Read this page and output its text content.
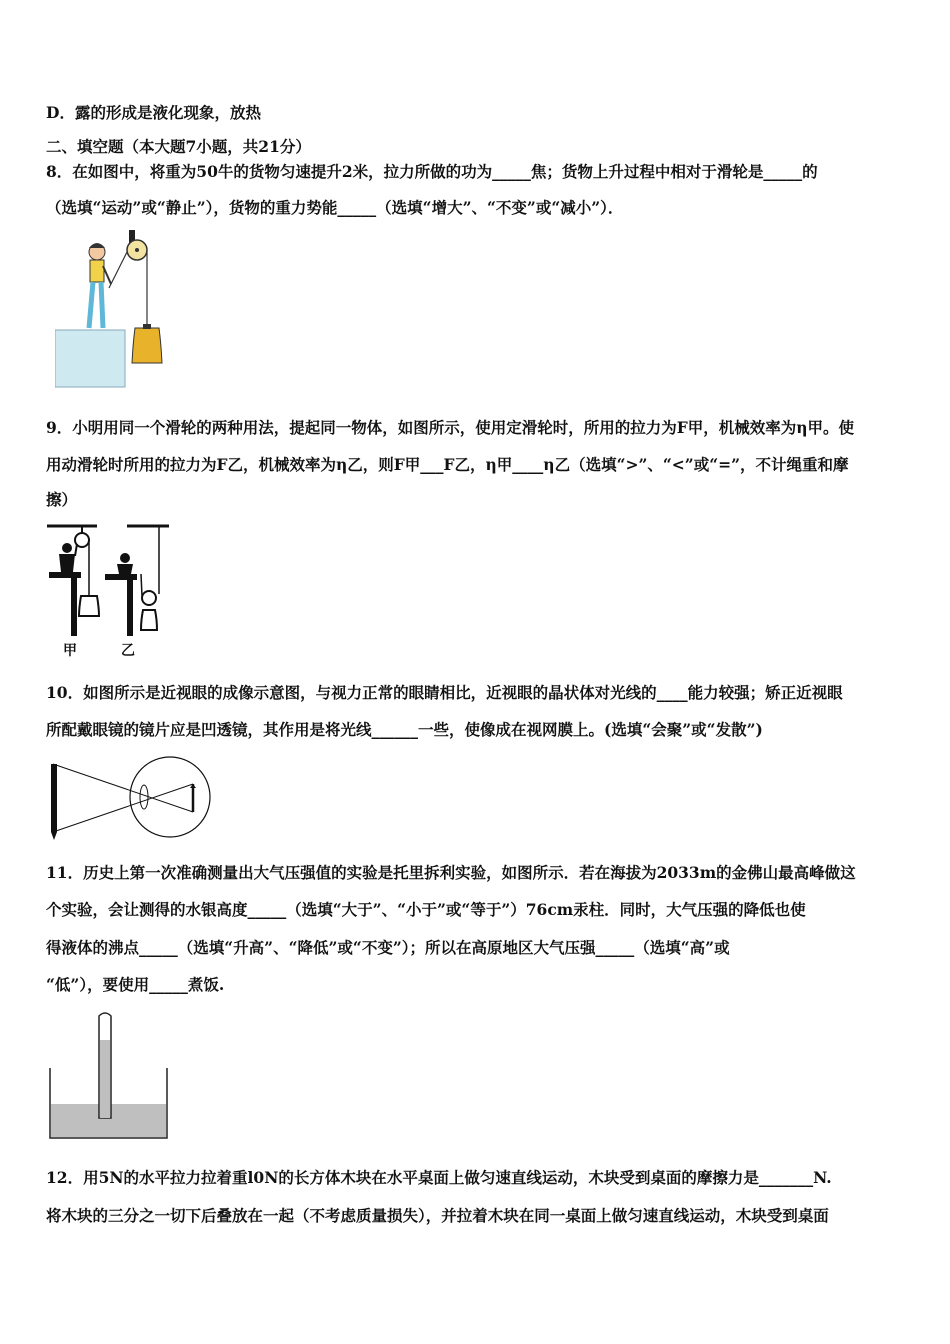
D．露的形成是液化现象，放热
二、填空题（本大题7小题，共21分）
8．在如图中，将重为50牛的货物匀速提升2米，拉力所做的功为_____焦；货物上升过程中相对于滑轮是_____的
（选填“运动”或“静止”），货物的重力势能_____（选填“增大”、“不变”或“减小”）．
9．小明用同一个滑轮的两种用法，提起同一物体，如图所示，使用定滑轮时，所用的拉力为F甲，机械效率为η甲。使
用动滑轮时所用的拉力为F乙，机械效率为η乙，则F甲___F乙，η甲____η乙（选填“>”、“<”或“=”，不计绳重和摩
擦）
甲	乙
10．如图所示是近视眼的成像示意图，与视力正常的眼睛相比，近视眼的晶状体对光线的____能力较强；矫正近视眼
所配戴眼镜的镜片应是凹透镜，其作用是将光线______一些，使像成在视网膜上。(选填“会聚”或“发散”)
11．历史上第一次准确测量出大气压强值的实验是托里拆利实验，如图所示．若在海拔为2033m的金佛山最高峰做这
个实验，会让测得的水银高度_____（选填“大于”、“小于”或“等于”）76cm汞柱．同时，大气压强的降低也使
得液体的沸点_____（选填“升高”、“降低”或“不变”）；所以在高原地区大气压强_____（选填“高”或
“低”），要使用_____煮饭.
12．用5N的水平拉力拉着重l0N的长方体木块在水平桌面上做匀速直线运动，木块受到桌面的摩擦力是_______N.
将木块的三分之一切下后叠放在一起（不考虑质量损失），并拉着木块在同一桌面上做匀速直线运动，木块受到桌面
